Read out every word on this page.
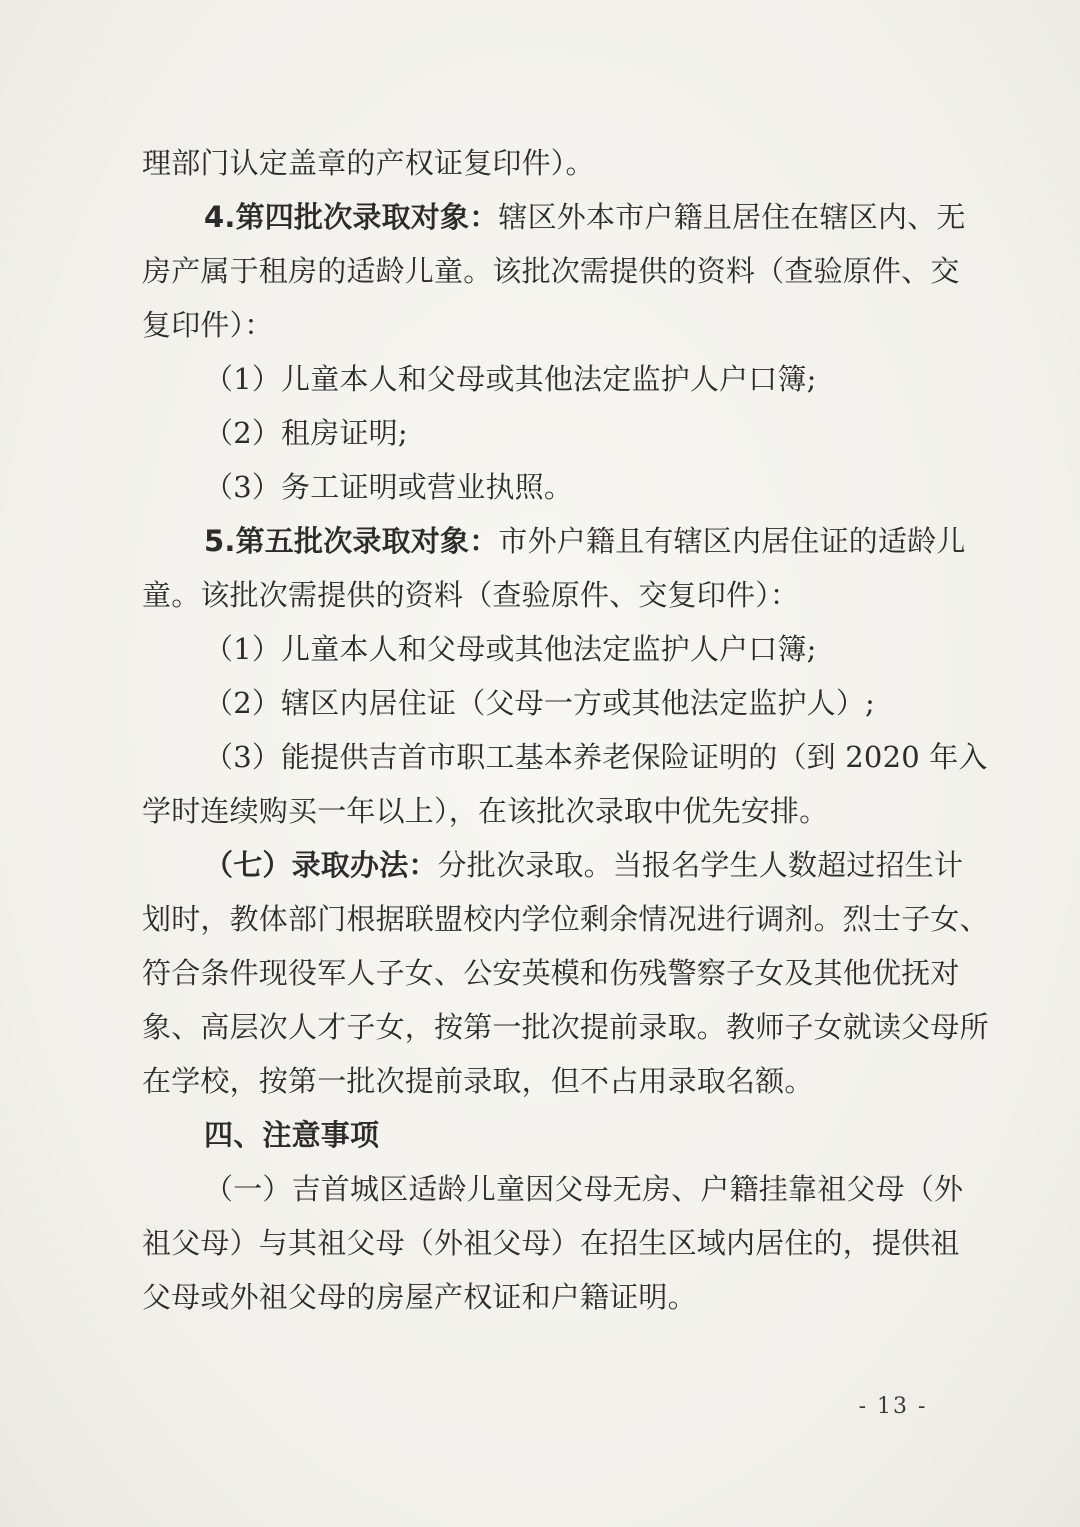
理部门认定盖章的产权证复印件）。
4.第四批次录取对象：辖区外本市户籍且居住在辖区内、无
房产属于租房的适龄儿童。该批次需提供的资料（查验原件、交
复印件）：
（1）儿童本人和父母或其他法定监护人户口簿;
（2）租房证明;
（3）务工证明或营业执照。
5.第五批次录取对象：市外户籍且有辖区内居住证的适龄儿
童。该批次需提供的资料（查验原件、交复印件）：
（1）儿童本人和父母或其他法定监护人户口簿;
（2）辖区内居住证（父母一方或其他法定监护人）;
（3）能提供吉首市职工基本养老保险证明的（到 2020 年入
学时连续购买一年以上），在该批次录取中优先安排。
（七）录取办法：分批次录取。当报名学生人数超过招生计
划时，教体部门根据联盟校内学位剩余情况进行调剂。烈士子女、
符合条件现役军人子女、公安英模和伤残警察子女及其他优抚对
象、高层次人才子女，按第一批次提前录取。教师子女就读父母所
在学校，按第一批次提前录取，但不占用录取名额。
四、注意事项
（一）吉首城区适龄儿童因父母无房、户籍挂靠祖父母（外
祖父母）与其祖父母（外祖父母）在招生区域内居住的，提供祖
父母或外祖父母的房屋产权证和户籍证明。
- 13 -
